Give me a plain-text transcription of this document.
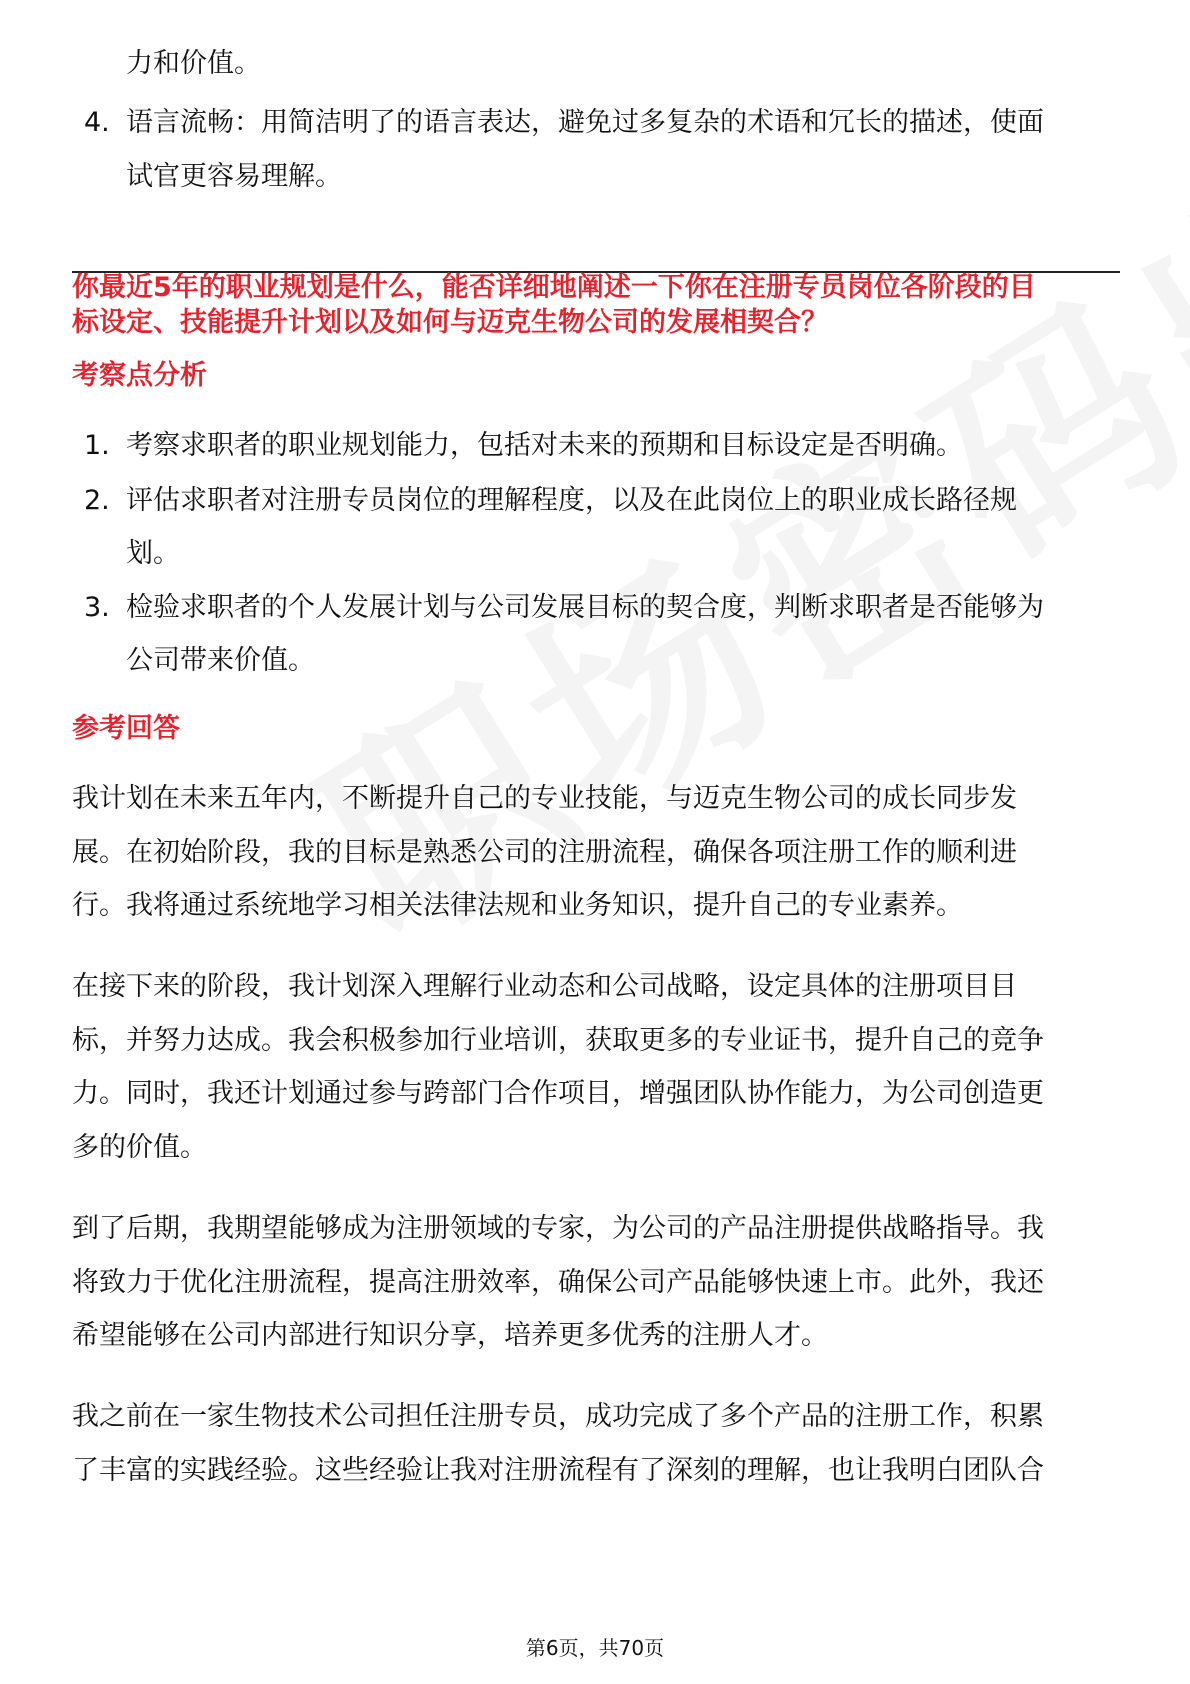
力和价值。
4. 语言流畅：用简洁明了的语言表达，避免过多复杂的术语和冗长的描述，使面
试官更容易理解。
你最近5年的职业规划是什么，能否详细地阐述一下你在注册专员岗位各阶段的目
标设定、技能提升计划以及如何与迈克生物公司的发展相契合？
考察点分析
1. 考察求职者的职业规划能力，包括对未来的预期和目标设定是否明确。
2. 评估求职者对注册专员岗位的理解程度，以及在此岗位上的职业成长路径规
划。
3. 检验求职者的个人发展计划与公司发展目标的契合度，判断求职者是否能够为
公司带来价值。
参考回答
我计划在未来五年内，不断提升自己的专业技能，与迈克生物公司的成长同步发
展。在初始阶段，我的目标是熟悉公司的注册流程，确保各项注册工作的顺利进
行。我将通过系统地学习相关法律法规和业务知识，提升自己的专业素养。
在接下来的阶段，我计划深入理解行业动态和公司战略，设定具体的注册项目目
标，并努力达成。我会积极参加行业培训，获取更多的专业证书，提升自己的竞争
力。同时，我还计划通过参与跨部门合作项目，增强团队协作能力，为公司创造更
多的价值。
到了后期，我期望能够成为注册领域的专家，为公司的产品注册提供战略指导。我
将致力于优化注册流程，提高注册效率，确保公司产品能够快速上市。此外，我还
希望能够在公司内部进行知识分享，培养更多优秀的注册人才。
我之前在一家生物技术公司担任注册专员，成功完成了多个产品的注册工作，积累
了丰富的实践经验。这些经验让我对注册流程有了深刻的理解，也让我明白团队合
第6页，共70页
